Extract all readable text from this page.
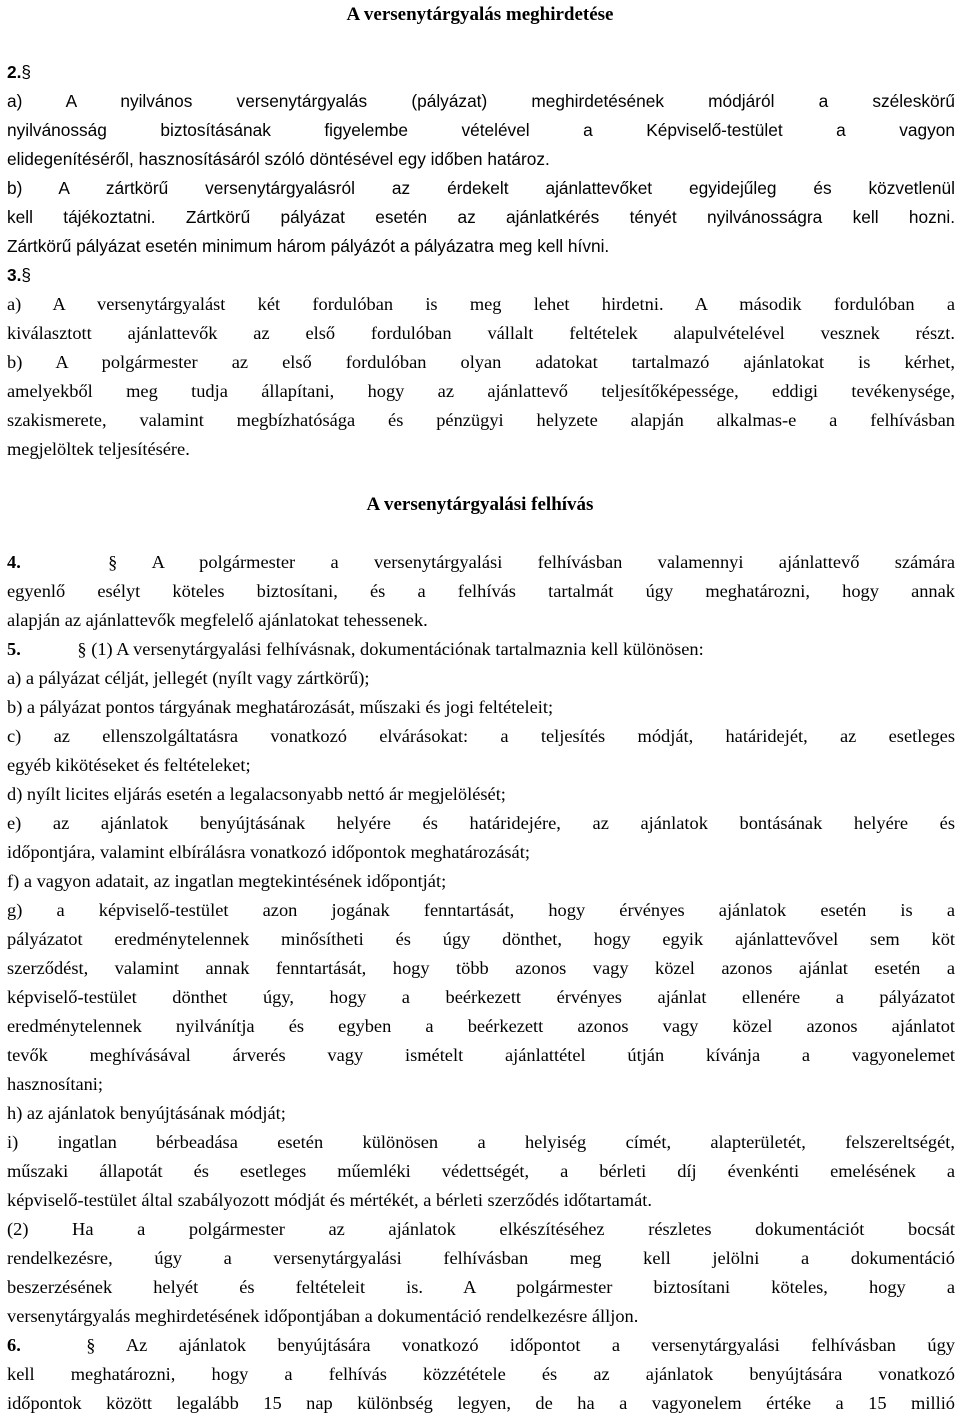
A versenytárgyalás meghirdetése
2.§
a) A nyilvános versenytárgyalás (pályázat) meghirdetésének módjáról a széleskörű
nyilvánosság biztosításának figyelembe vételével a Képviselő-testület a vagyon
elidegenítéséről, hasznosításáról szóló döntésével egy időben határoz.
b) A zártkörű versenytárgyalásról az érdekelt ajánlattevőket egyidejűleg és közvetlenül
kell tájékoztatni. Zártkörű pályázat esetén az ajánlatkérés tényét nyilvánosságra kell hozni.
Zártkörű pályázat esetén minimum három pályázót a pályázatra meg kell hívni.
3.§
a) A versenytárgyalást két fordulóban is meg lehet hirdetni. A második fordulóban a
kiválasztott ajánlattevők az első fordulóban vállalt feltételek alapulvételével vesznek részt.
b) A polgármester az első fordulóban olyan adatokat tartalmazó ajánlatokat is kérhet,
amelyekből meg tudja állapítani, hogy az ajánlattevő teljesítőképessége, eddigi tevékenysége,
szakismerete, valamint megbízhatósága és pénzügyi helyzete alapján alkalmas-e a felhívásban
megjelöltek teljesítésére.
A versenytárgyalási felhívás
4.	§ A polgármester a versenytárgyalási felhívásban valamennyi ajánlattevő számára
egyenlő esélyt köteles biztosítani, és a felhívás tartalmát úgy meghatározni, hogy annak
alapján az ajánlattevők megfelelő ajánlatokat tehessenek.
5.	§ (1) A versenytárgyalási felhívásnak, dokumentációnak tartalmaznia kell különösen:
a) a pályázat célját, jellegét (nyílt vagy zártkörű);
b) a pályázat pontos tárgyának meghatározását, műszaki és jogi feltételeit;
c) az ellenszolgáltatásra vonatkozó elvárásokat: a teljesítés módját, határidejét, az esetleges
egyéb kikötéseket és feltételeket;
d) nyílt licites eljárás esetén a legalacsonyabb nettó ár megjelölését;
e) az ajánlatok benyújtásának helyére és határidejére, az ajánlatok bontásának helyére és
időpontjára, valamint elbírálásra vonatkozó időpontok meghatározását;
f) a vagyon adatait, az ingatlan megtekintésének időpontját;
g) a képviselő-testület azon jogának fenntartását, hogy érvényes ajánlatok esetén is a
pályázatot eredménytelennek minősítheti és úgy dönthet, hogy egyik ajánlattevővel sem köt
szerződést, valamint annak fenntartását, hogy több azonos vagy közel azonos ajánlat esetén a
képviselő-testület dönthet úgy, hogy a beérkezett érvényes ajánlat ellenére a pályázatot
eredménytelennek nyilvánítja és egyben a beérkezett azonos vagy közel azonos ajánlatot
tevők meghívásával árverés vagy ismételt ajánlattétel útján kívánja a vagyonelemet
hasznosítani;
h) az ajánlatok benyújtásának módját;
i) ingatlan bérbeadása esetén különösen a helyiség címét, alapterületét, felszereltségét,
műszaki állapotát és esetleges műemléki védettségét, a bérleti díj évenkénti emelésének a
képviselő-testület által szabályozott módját és mértékét, a bérleti szerződés időtartamát.
(2) Ha a polgármester az ajánlatok elkészítéséhez részletes dokumentációt bocsát
rendelkezésre, úgy a versenytárgyalási felhívásban meg kell jelölni a dokumentáció
beszerzésének helyét és feltételeit is. A polgármester biztosítani köteles, hogy a
versenytárgyalás meghirdetésének időpontjában a dokumentáció rendelkezésre álljon.
6.	§ Az ajánlatok benyújtására vonatkozó időpontot a versenytárgyalási felhívásban úgy
kell meghatározni, hogy a felhívás közzététele és az ajánlatok benyújtására vonatkozó
időpontok között legalább 15 nap különbség legyen, de ha a vagyonelem értéke a 15 millió
